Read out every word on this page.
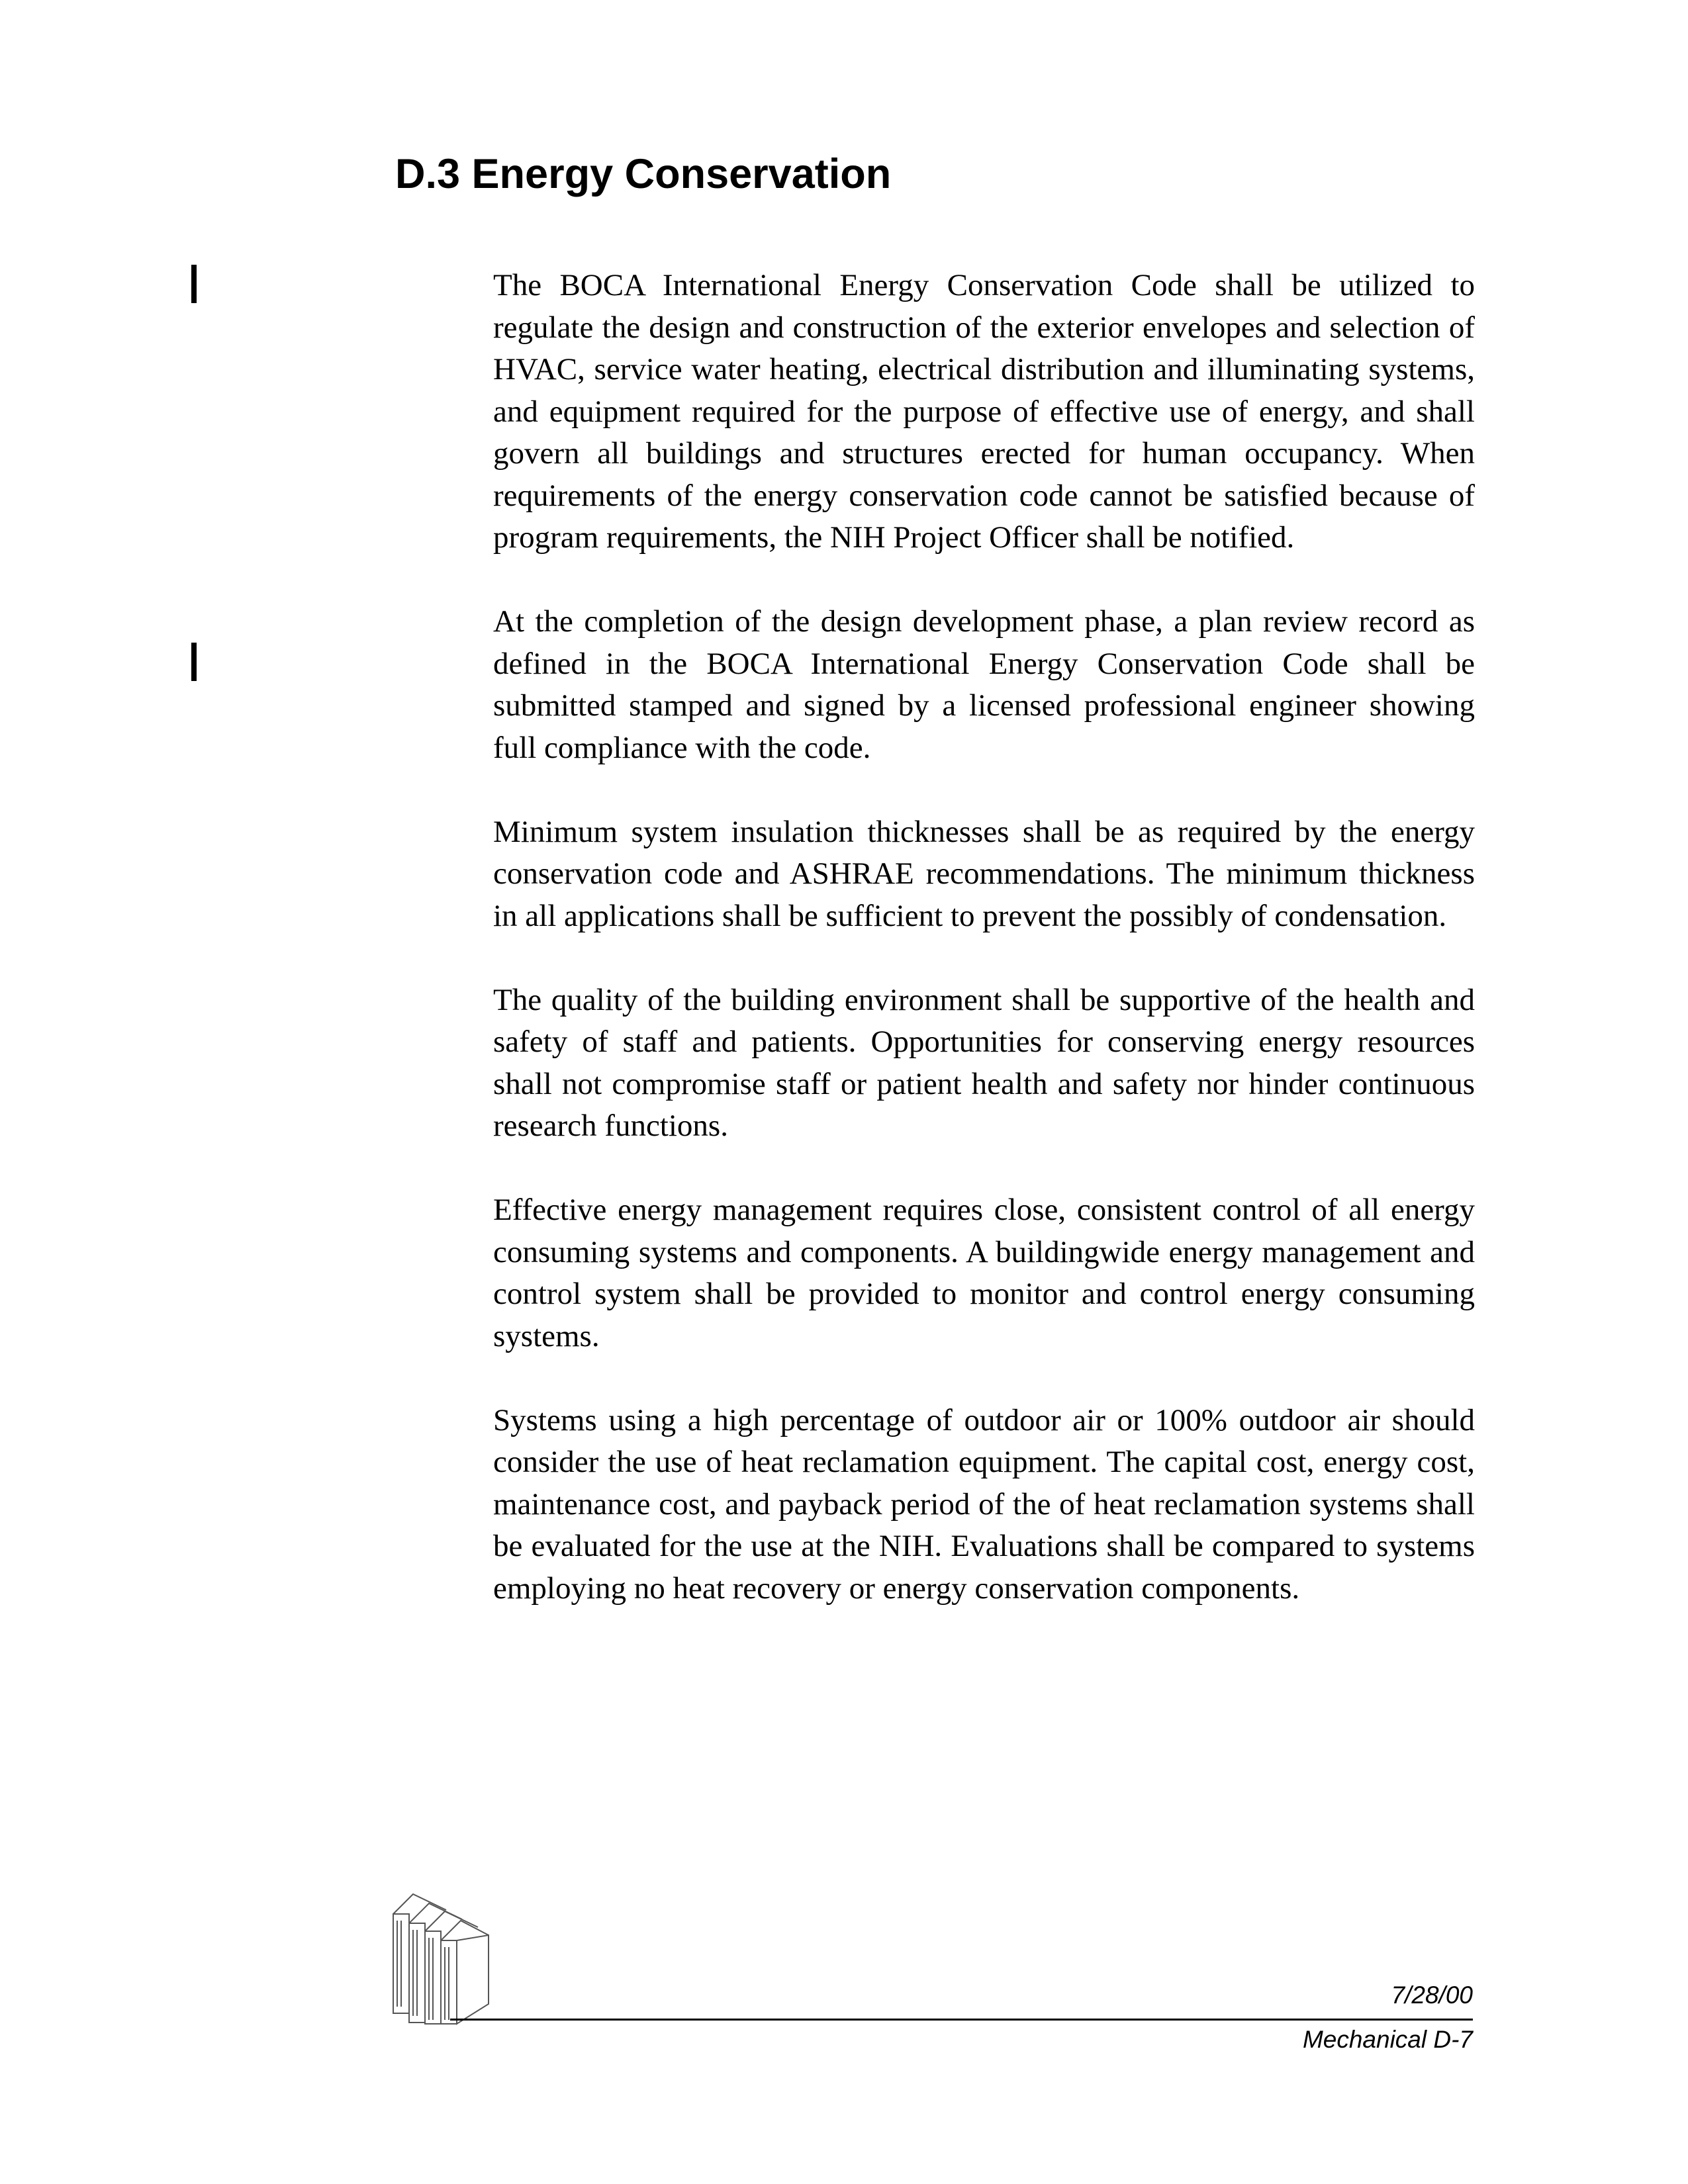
D.3 Energy Conservation

The BOCA International Energy Conservation Code shall be utilized to regulate the design and construction of the exterior envelopes and selection of HVAC, service water heating, electrical distribution and illuminating systems, and equipment required for the purpose of effective use of energy, and shall govern all buildings and structures erected for human occupancy. When requirements of the energy conservation code cannot be satisfied because of program requirements, the NIH Project Officer shall be notified.

At the completion of the design development phase, a plan review record as defined in the BOCA International Energy Conservation Code shall be submitted stamped and signed by a licensed professional engineer showing full compliance with the code.

Minimum system insulation thicknesses shall be as required by the energy conservation code and ASHRAE recommendations. The minimum thickness in all applications shall be sufficient to prevent the possibly of condensation.

The quality of the building environment shall be supportive of the health and safety of staff and patients. Opportunities for conserving energy resources shall not compromise staff or patient health and safety nor hinder continuous research functions.

Effective energy management requires close, consistent control of all energy consuming systems and components. A buildingwide energy management and control system shall be provided to monitor and control energy consuming systems.

Systems using a high percentage of outdoor air or 100% outdoor air should consider the use of heat reclamation equipment. The capital cost, energy cost, maintenance cost, and payback period of the of heat reclamation systems shall be evaluated for the use at the NIH. Evaluations shall be compared to systems employing no heat recovery or energy conservation components.

7/28/00
Mechanical D-7
